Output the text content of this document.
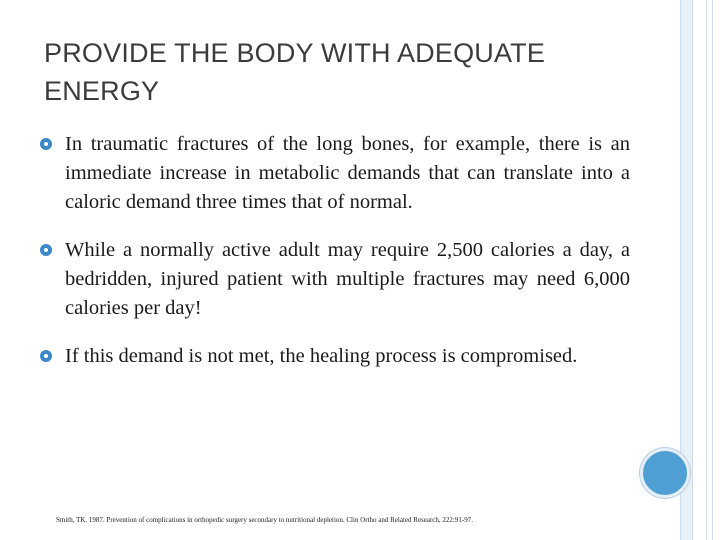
PROVIDE THE BODY WITH ADEQUATE ENERGY
In traumatic fractures of the long bones, for example, there is an immediate increase in metabolic demands that can translate into a caloric demand three times that of normal.
While a normally active adult may require 2,500 calories a day, a bedridden, injured patient with multiple fractures may need 6,000 calories per day!
If this demand is not met, the healing process is compromised.
Smith, TK. 1987. Prevention of complications in orthopedic surgery secondary to nutritional depletion. Clin Ortho and Related Research, 222:91-97.
